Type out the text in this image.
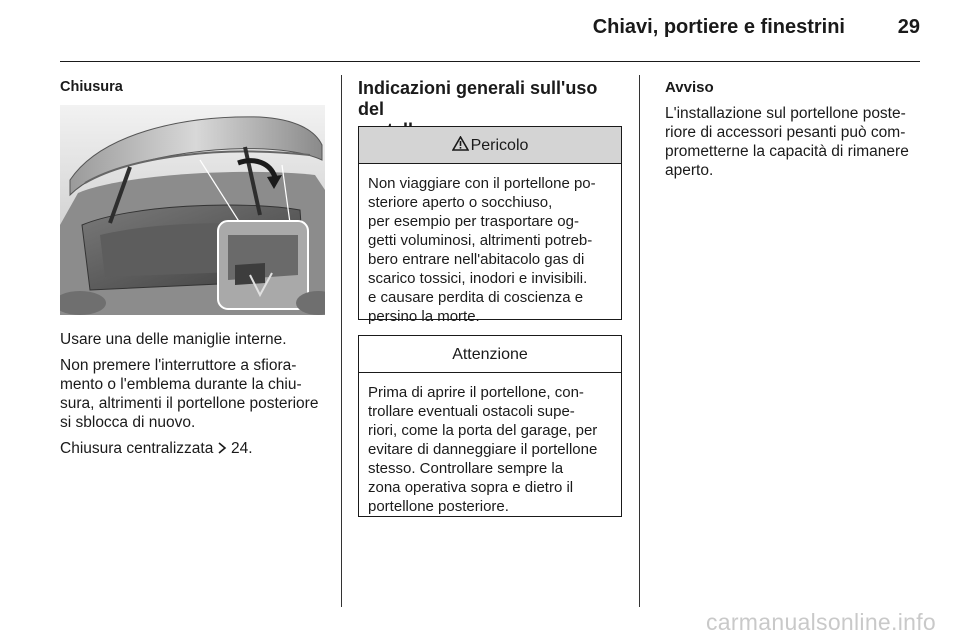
Chiavi, portiere e finestrini	29

Chiusura

Usare una delle maniglie interne.

Non premere l'interruttore a sfiora-
mento o l'emblema durante la chiu-
sura, altrimenti il portellone posteriore
si sblocca di nuovo.

Chiusura centralizzata 24.

Indicazioni generali sull'uso del

Pericolo
Non viaggiare con il portellone po-
steriore aperto o socchiuso,
per esempio per trasportare og-
getti voluminosi, altrimenti potreb-
bero entrare nell'abitacolo gas di
scarico tossici, inodori e invisibili.
e causare perdita di coscienza e
persino la morte.
Attenzione
Prima di aprire il portellone, con-
trollare eventuali ostacoli supe-
riori, come la porta del garage, per
evitare di danneggiare il portellone
stesso. Controllare sempre la
zona operativa sopra e dietro il
portellone posteriore.

Avviso

L'installazione sul portellone poste-
riore di accessori pesanti può com-
prometterne la capacità di rimanere
aperto.

carmanualsonline.info
